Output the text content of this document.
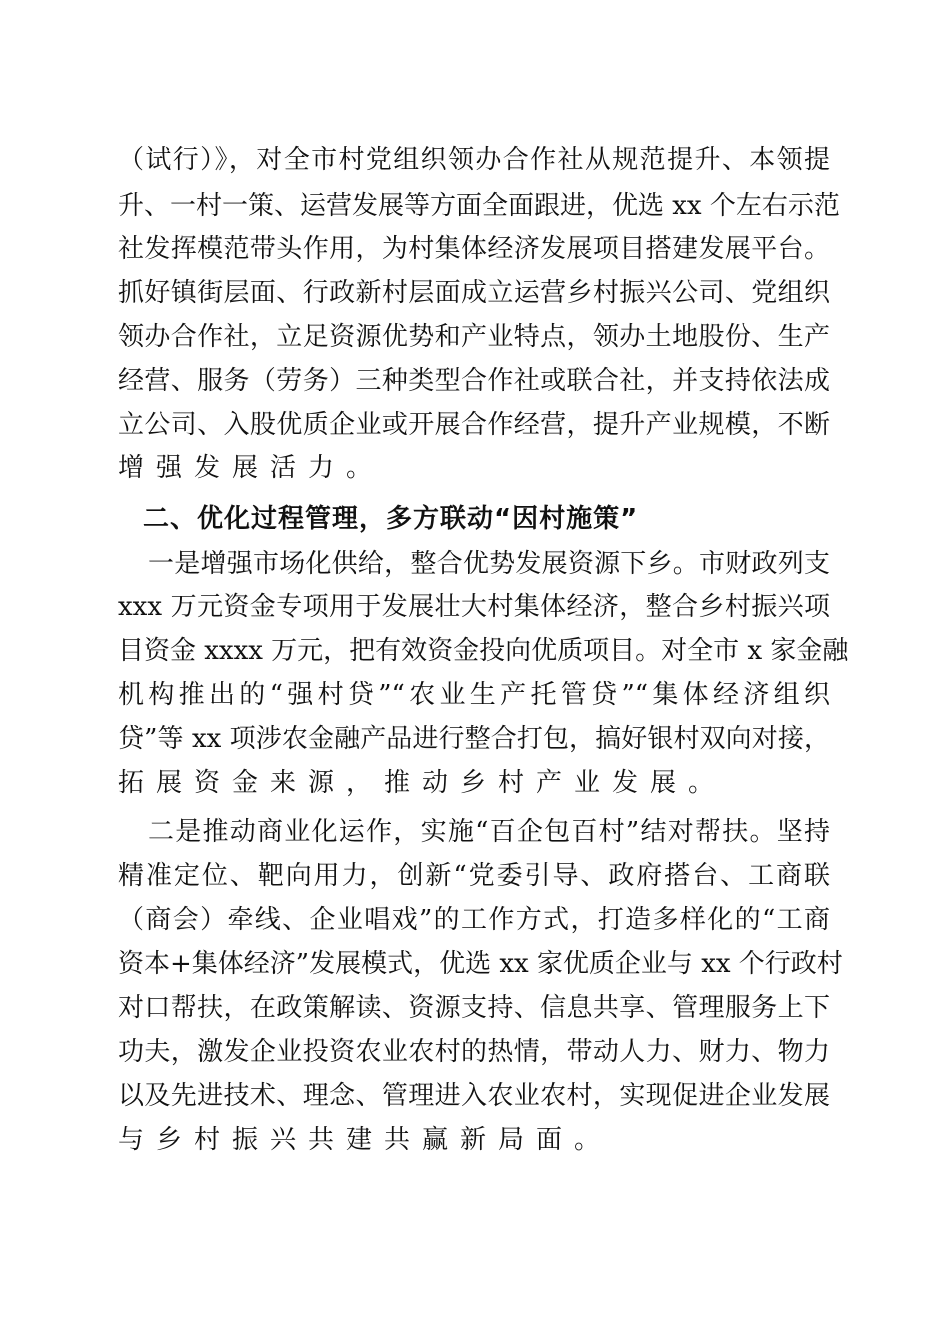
（试行）》，对全市村党组织领办合作社从规范提升、本领提
升、一村一策、运营发展等方面全面跟进，优选 xx 个左右示范
社发挥模范带头作用，为村集体经济发展项目搭建发展平台。
抓好镇街层面、行政新村层面成立运营乡村振兴公司、党组织
领办合作社，立足资源优势和产业特点，领办土地股份、生产
经营、服务（劳务）三种类型合作社或联合社，并支持依法成
立公司、入股优质企业或开展合作经营，提升产业规模，不断
增强发展活力。
二、优化过程管理，多方联动“因村施策”
一是增强市场化供给，整合优势发展资源下乡。市财政列支
xxx 万元资金专项用于发展壮大村集体经济，整合乡村振兴项
目资金 xxxx 万元，把有效资金投向优质项目。对全市 x 家金融
机构推出的“强村贷”“农业生产托管贷”“集体经济组织
贷”等 xx 项涉农金融产品进行整合打包，搞好银村双向对接，
拓展资金来源，推动乡村产业发展。
二是推动商业化运作，实施“百企包百村”结对帮扶。坚持
精准定位、靶向用力，创新“党委引导、政府搭台、工商联
（商会）牵线、企业唱戏”的工作方式，打造多样化的“工商
资本+集体经济”发展模式，优选 xx 家优质企业与 xx 个行政村
对口帮扶，在政策解读、资源支持、信息共享、管理服务上下
功夫，激发企业投资农业农村的热情，带动人力、财力、物力
以及先进技术、理念、管理进入农业农村，实现促进企业发展
与乡村振兴共建共赢新局面。
